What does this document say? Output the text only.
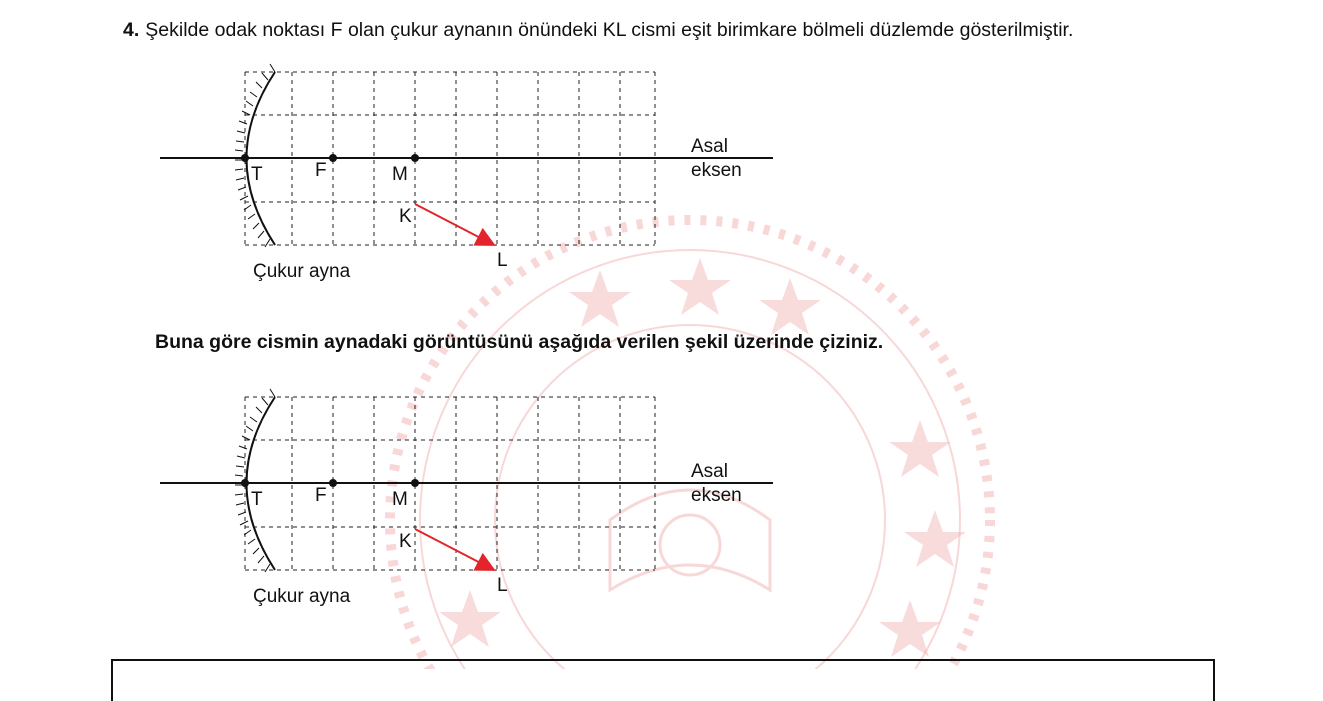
4. Şekilde odak noktası F olan çukur aynanın önündeki KL cismi eşit birimkare bölmeli düzlemde gösterilmiştir.
T	F	M
K
L
Asal
eksen
Çukur ayna
Buna göre cismin aynadaki görüntüsünü aşağıda verilen şekil üzerinde çiziniz.
T	F	M
K
L
Asal
eksen
Çukur ayna
